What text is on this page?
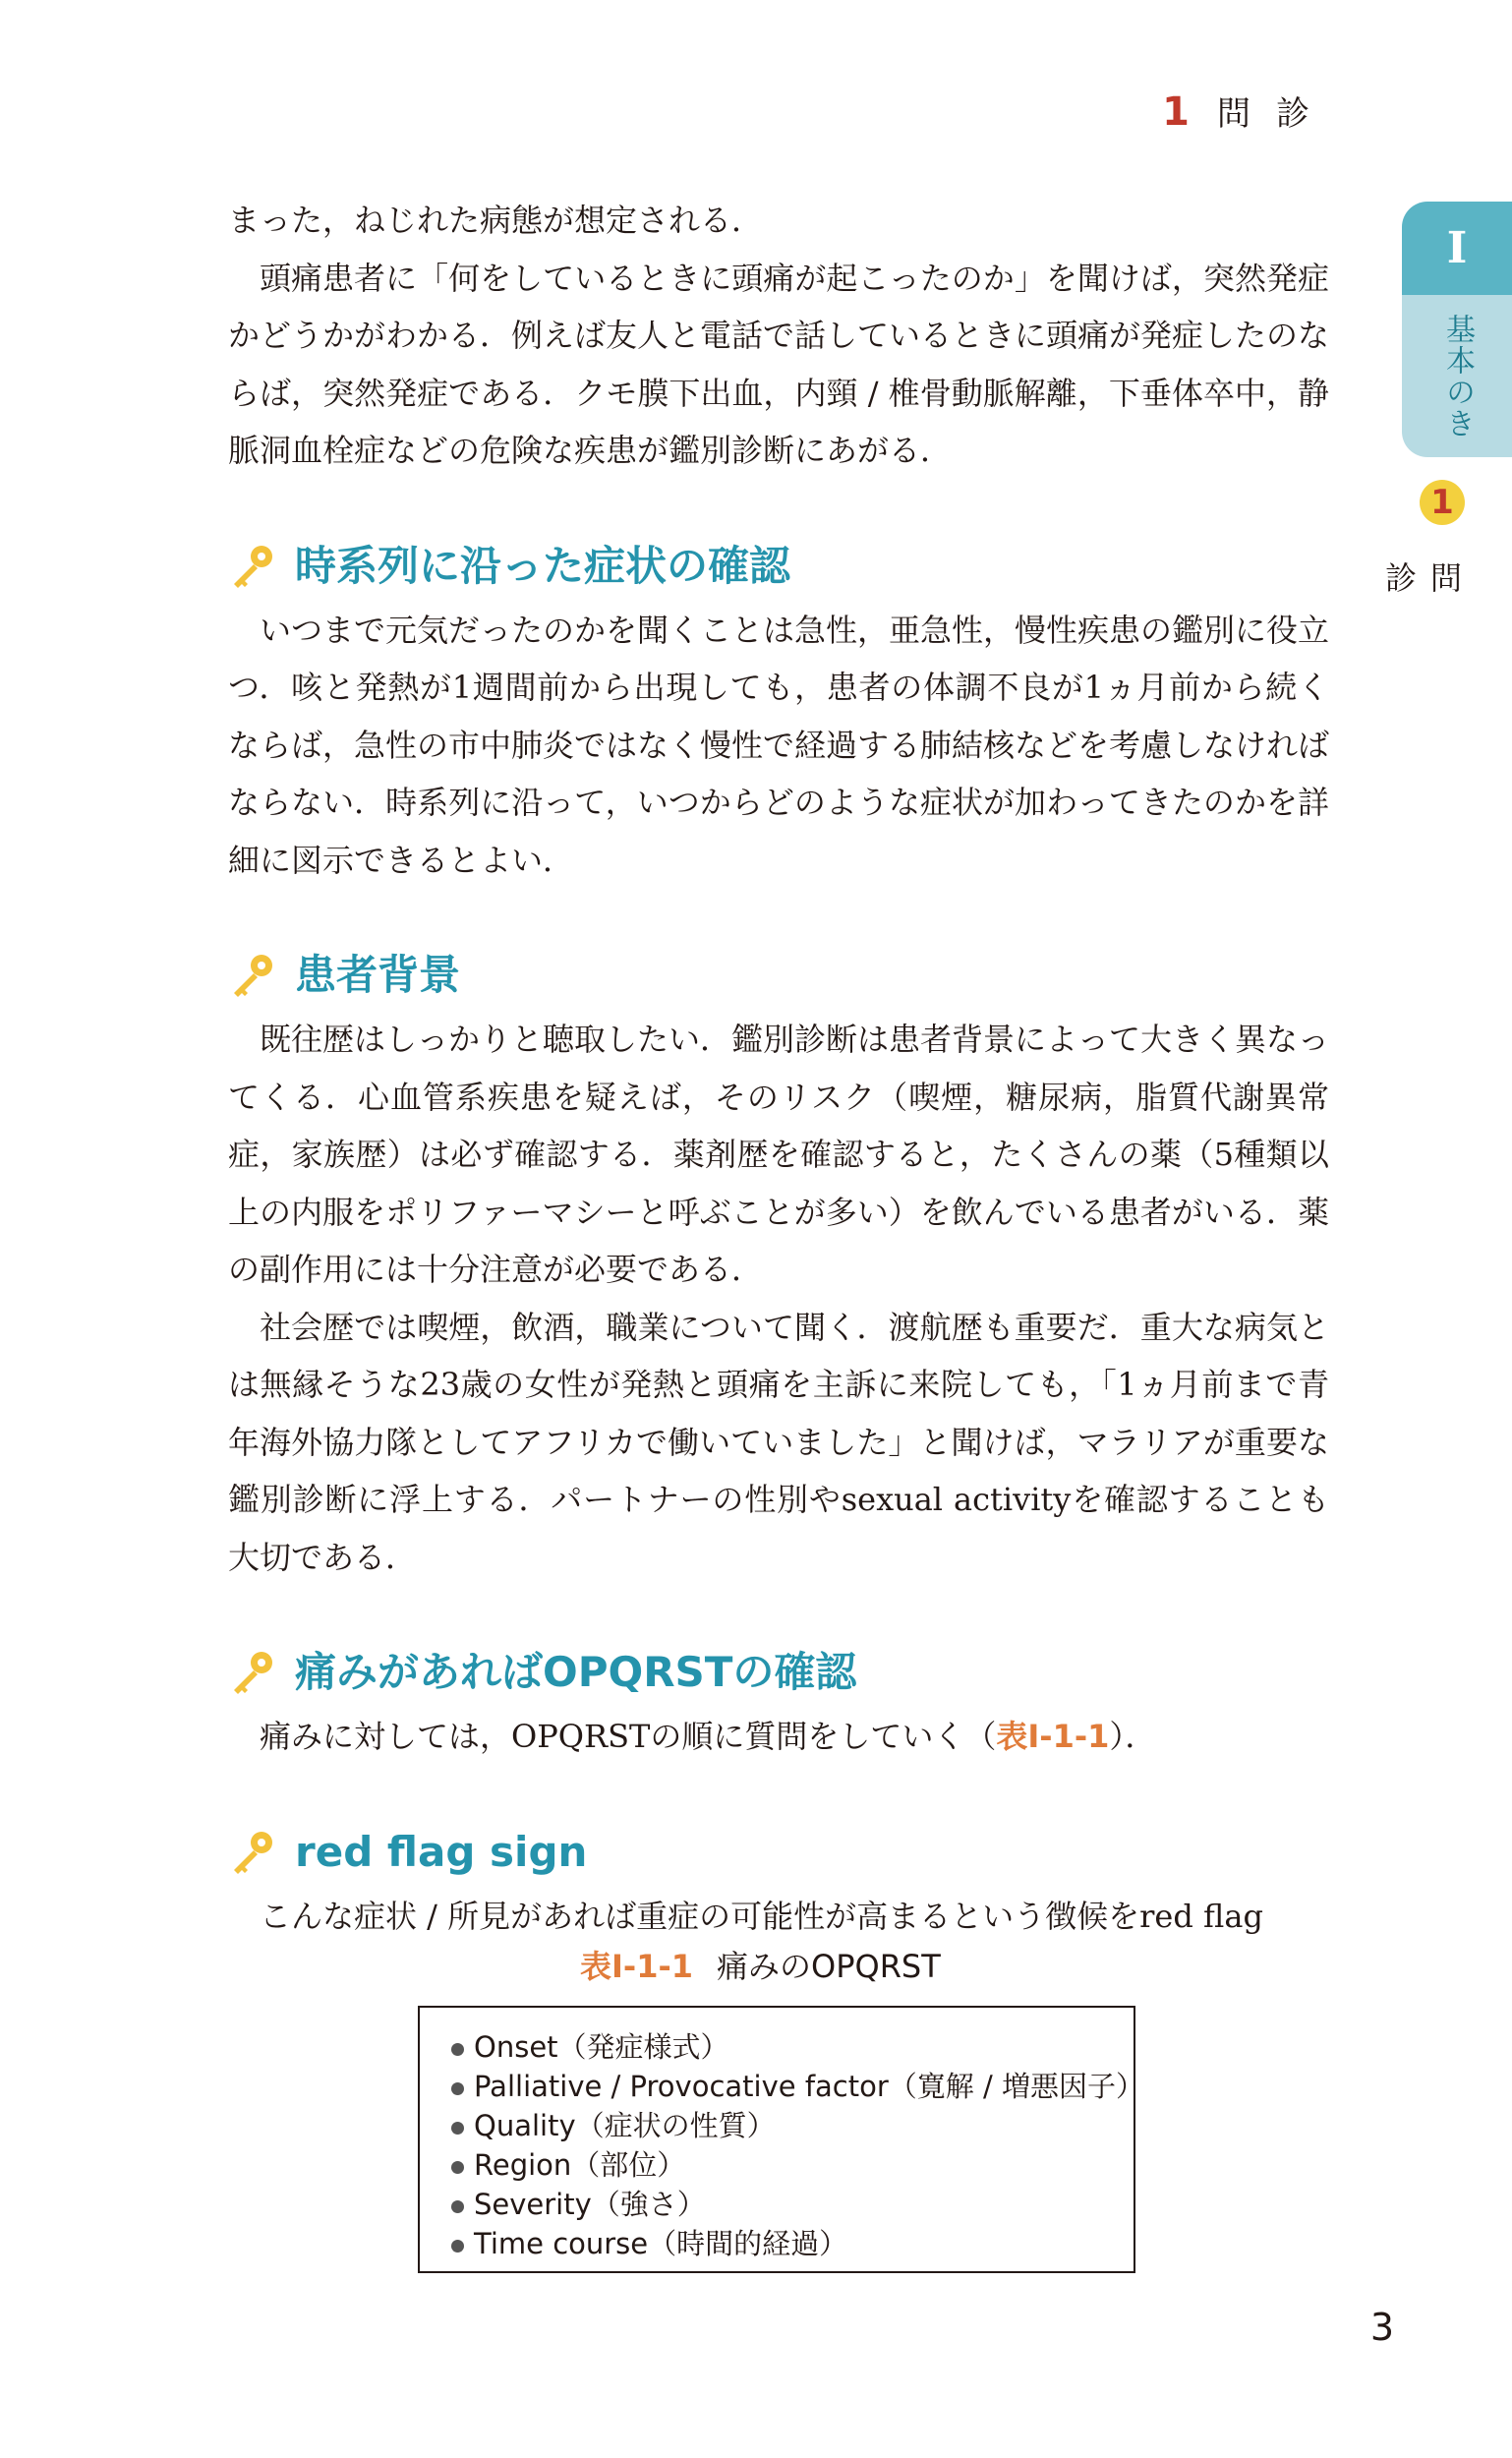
1 問診
I
基本のき
1
問診

まった，ねじれた病態が想定される．

頭痛患者に「何をしているときに頭痛が起こったのか」を聞けば，突然発症かどうかがわかる．例えば友人と電話で話しているときに頭痛が発症したのならば，突然発症である．クモ膜下出血，内頸 / 椎骨動脈解離，下垂体卒中，静脈洞血栓症などの危険な疾患が鑑別診断にあがる．

時系列に沿った症状の確認

いつまで元気だったのかを聞くことは急性，亜急性，慢性疾患の鑑別に役立つ．咳と発熱が1週間前から出現しても，患者の体調不良が1ヵ月前から続くならば，急性の市中肺炎ではなく慢性で経過する肺結核などを考慮しなければならない．時系列に沿って，いつからどのような症状が加わってきたのかを詳細に図示できるとよい．

患者背景

既往歴はしっかりと聴取したい．鑑別診断は患者背景によって大きく異なってくる．心血管系疾患を疑えば，そのリスク（喫煙，糖尿病，脂質代謝異常症，家族歴）は必ず確認する．薬剤歴を確認すると，たくさんの薬（5種類以上の内服をポリファーマシーと呼ぶことが多い）を飲んでいる患者がいる．薬の副作用には十分注意が必要である．

社会歴では喫煙，飲酒，職業について聞く．渡航歴も重要だ．重大な病気とは無縁そうな23歳の女性が発熱と頭痛を主訴に来院しても，「1ヵ月前まで青年海外協力隊としてアフリカで働いていました」と聞けば，マラリアが重要な鑑別診断に浮上する．パートナーの性別やsexual activityを確認することも大切である．

痛みがあればOPQRSTの確認

痛みに対しては，OPQRSTの順に質問をしていく（表Ⅰ-1-1）．

red flag sign

こんな症状 / 所見があれば重症の可能性が高まるという徴候をred flag

表Ⅰ-1-1 痛みのOPQRST
Onset（発症様式）
Palliative / Provocative factor（寛解 / 増悪因子）
Quality（症状の性質）
Region（部位）
Severity（強さ）
Time course（時間的経過）
3
